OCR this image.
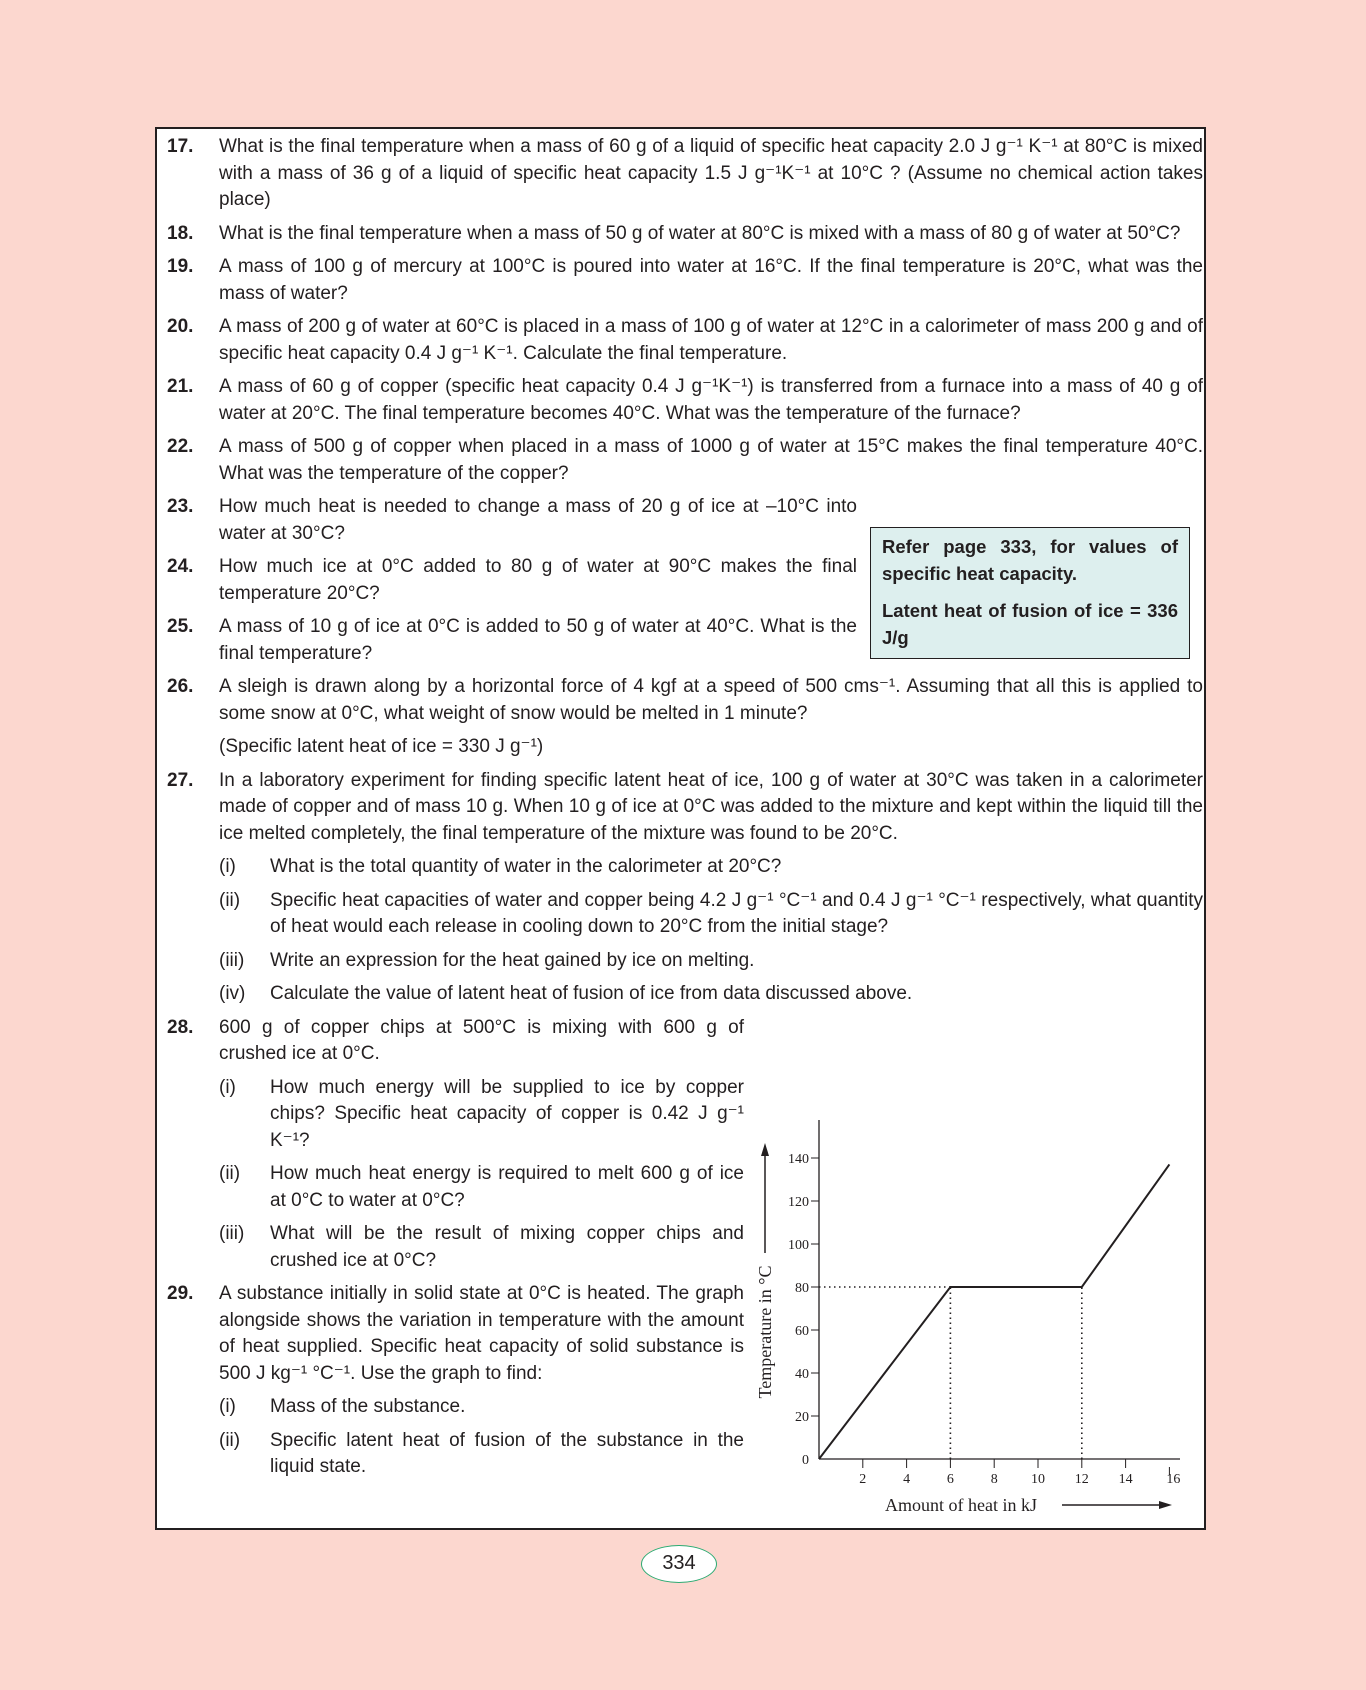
17. What is the final temperature when a mass of 60 g of a liquid of specific heat capacity 2.0 J g⁻¹ K⁻¹ at 80°C is mixed with a mass of 36 g of a liquid of specific heat capacity 1.5 J g⁻¹K⁻¹ at 10°C ? (Assume no chemical action takes place)
18. What is the final temperature when a mass of 50 g of water at 80°C is mixed with a mass of 80 g of water at 50°C?
19. A mass of 100 g of mercury at 100°C is poured into water at 16°C. If the final temperature is 20°C, what was the mass of water?
20. A mass of 200 g of water at 60°C is placed in a mass of 100 g of water at 12°C in a calorimeter of mass 200 g and of specific heat capacity 0.4 J g⁻¹ K⁻¹. Calculate the final temperature.
21. A mass of 60 g of copper (specific heat capacity 0.4 J g⁻¹K⁻¹) is transferred from a furnace into a mass of 40 g of water at 20°C. The final temperature becomes 40°C. What was the temperature of the furnace?
22. A mass of 500 g of copper when placed in a mass of 1000 g of water at 15°C makes the final temperature 40°C. What was the temperature of the copper?
23. How much heat is needed to change a mass of 20 g of ice at –10°C into water at 30°C?
24. How much ice at 0°C added to 80 g of water at 90°C makes the final temperature 20°C?
25. A mass of 10 g of ice at 0°C is added to 50 g of water at 40°C. What is the final temperature?
26. A sleigh is drawn along by a horizontal force of 4 kgf at a speed of 500 cms⁻¹. Assuming that all this is applied to some snow at 0°C, what weight of snow would be melted in 1 minute?
(Specific latent heat of ice = 330 J g⁻¹)
27. In a laboratory experiment for finding specific latent heat of ice, 100 g of water at 30°C was taken in a calorimeter made of copper and of mass 10 g. When 10 g of ice at 0°C was added to the mixture and kept within the liquid till the ice melted completely, the final temperature of the mixture was found to be 20°C.
(i) What is the total quantity of water in the calorimeter at 20°C?
(ii) Specific heat capacities of water and copper being 4.2 J g⁻¹ °C⁻¹ and 0.4 J g⁻¹ °C⁻¹ respectively, what quantity of heat would each release in cooling down to 20°C from the initial stage?
(iii) Write an expression for the heat gained by ice on melting.
(iv) Calculate the value of latent heat of fusion of ice from data discussed above.
28. 600 g of copper chips at 500°C is mixing with 600 g of crushed ice at 0°C.
(i) How much energy will be supplied to ice by copper chips? Specific heat capacity of copper is 0.42 J g⁻¹ K⁻¹?
(ii) How much heat energy is required to melt 600 g of ice at 0°C to water at 0°C?
(iii) What will be the result of mixing copper chips and crushed ice at 0°C?
29. A substance initially in solid state at 0°C is heated. The graph alongside shows the variation in temperature with the amount of heat supplied. Specific heat capacity of solid substance is 500 J kg⁻¹ °C⁻¹. Use the graph to find:
(i) Mass of the substance.
(ii) Specific latent heat of fusion of the substance in the liquid state.

Refer page 333, for values of specific heat capacity.

Latent heat of fusion of ice = 336 J/g

0
20
40
60
80
100
120
140
2	4	6	8 10 12 14 16
Temperature in °C
Amount of heat in kJ
334
